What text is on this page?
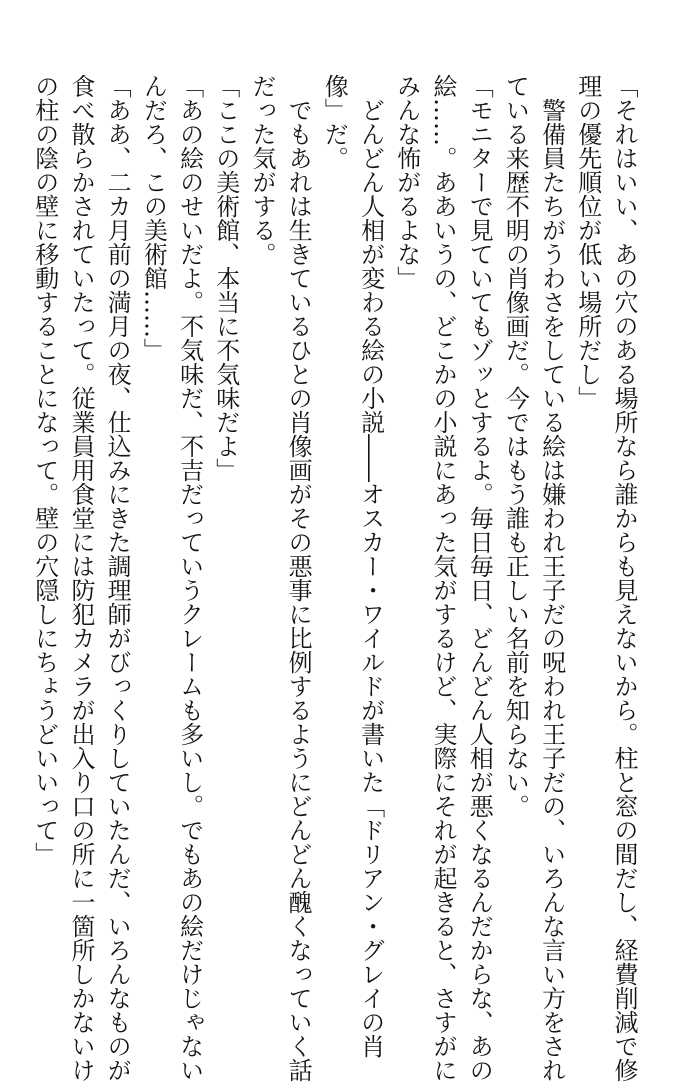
「それはいい、あの穴のある場所なら誰からも見えないから。柱と窓の間だし、経費削減で修

理の優先順位が低い場所だし」

　警備員たちがうわさをしている絵は嫌われ王子だの呪われ王子だの、いろんな言い方をされ

ている来歴不明の肖像画だ。今ではもう誰も正しい名前を知らない。

「モニターで見ていてもゾッとするよ。毎日毎日、どんどん人相が悪くなるんだからな、あの

絵……。ああいうの、どこかの小説にあった気がするけど、実際にそれが起きると、さすがに

みんな怖がるよな」

　どんどん人相が変わる絵の小説――オスカー・ワイルドが書いた「ドリアン・グレイの肖

像」だ。

　でもあれは生きているひとの肖像画がその悪事に比例するようにどんどん醜くなっていく話

だった気がする。

「ここの美術館、本当に不気味だよ」

「あの絵のせいだよ。不気味だ、不吉だっていうクレームも多いし。でもあの絵だけじゃない

んだろ、この美術館……」

「ああ、二カ月前の満月の夜、仕込みにきた調理師がびっくりしていたんだ、いろんなものが

食べ散らかされていたって。従業員用食堂には防犯カメラが出入り口の所に一箇所しかないけ

の柱の陰の壁に移動することになって。壁の穴隠しにちょうどいいって」
